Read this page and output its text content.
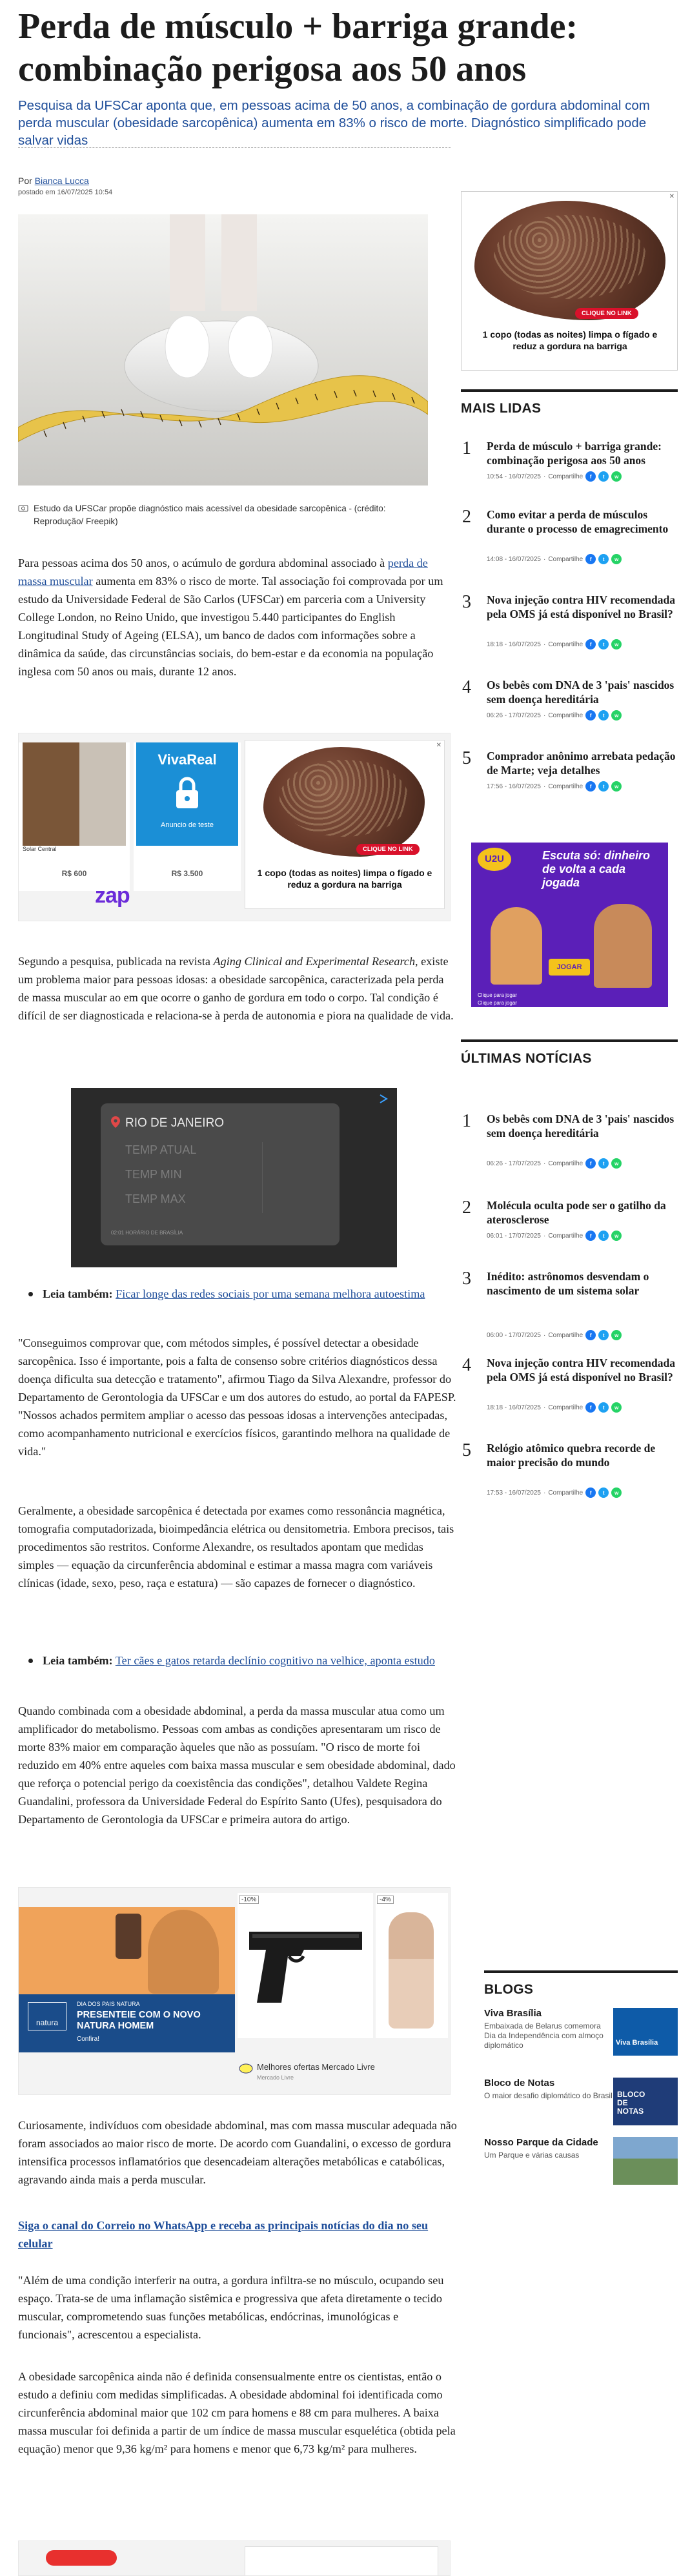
Perda de músculo + barriga grande: combinação perigosa aos 50 anos

Pesquisa da UFSCar aponta que, em pessoas acima de 50 anos, a combinação de gordura abdominal com perda muscular (obesidade sarcopênica) aumenta em 83% o risco de morte. Diagnóstico simplificado pode salvar vidas

Por Bianca Lucca
postado em 16/07/2025 10:54
Estudo da UFSCar propõe diagnóstico mais acessível da obesidade sarcopênica - (crédito: Reprodução/ Freepik)

Para pessoas acima dos 50 anos, o acúmulo de gordura abdominal associado à perda de massa muscular aumenta em 83% o risco de morte. Tal associação foi comprovada por um estudo da Universidade Federal de São Carlos (UFSCar) em parceria com a University College London, no Reino Unido, que investigou 5.440 participantes do English Longitudinal Study of Ageing (ELSA), um banco de dados com informações sobre a dinâmica da saúde, das circunstâncias sociais, do bem-estar e da economia na população inglesa com 50 anos ou mais, durante 12 anos.

Solar Central
R$ 600
VivaReal
Anuncio de teste
R$ 3.500
zap
CLIQUE NO LINK
1 copo (todas as noites) limpa o fígado e reduz a gordura na barriga
✕

Segundo a pesquisa, publicada na revista Aging Clinical and Experimental Research, existe um problema maior para pessoas idosas: a obesidade sarcopênica, caracterizada pela perda de massa muscular ao em que ocorre o ganho de gordura em todo o corpo. Tal condição é difícil de ser diagnosticada e relaciona-se à perda de autonomia e piora na qualidade de vida.

RIO DE JANEIRO
TEMP ATUAL
TEMP MIN
TEMP MAX
02:01 HORÁRIO DE BRASÍLIA
Leia também: Ficar longe das redes sociais por uma semana melhora autoestima

"Conseguimos comprovar que, com métodos simples, é possível detectar a obesidade sarcopênica. Isso é importante, pois a falta de consenso sobre critérios diagnósticos dessa doença dificulta sua detecção e tratamento", afirmou Tiago da Silva Alexandre, professor do Departamento de Gerontologia da UFSCar e um dos autores do estudo, ao portal da FAPESP. "Nossos achados permitem ampliar o acesso das pessoas idosas a intervenções antecipadas, como acompanhamento nutricional e exercícios físicos, garantindo melhora na qualidade de vida."

Geralmente, a obesidade sarcopênica é detectada por exames como ressonância magnética, tomografia computadorizada, bioimpedância elétrica ou densitometria. Embora precisos, tais procedimentos são restritos. Conforme Alexandre, os resultados apontam que medidas simples — equação da circunferência abdominal e estimar a massa magra com variáveis clínicas (idade, sexo, peso, raça e estatura) — são capazes de fornecer o diagnóstico.

Leia também: Ter cães e gatos retarda declínio cognitivo na velhice, aponta estudo

Quando combinada com a obesidade abdominal, a perda da massa muscular atua como um amplificador do metabolismo. Pessoas com ambas as condições apresentaram um risco de morte 83% maior em comparação àqueles que não as possuíam. "O risco de morte foi reduzido em 40% entre aqueles com baixa massa muscular e sem obesidade abdominal, dado que reforça o potencial perigo da coexistência das condições", detalhou Valdete Regina Guandalini, professora da Universidade Federal do Espírito Santo (Ufes), pesquisadora do Departamento de Gerontologia da UFSCar e primeira autora do artigo.

natura
DIA DOS PAIS NATURA
PRESENTEIE COM O NOVO NATURA HOMEM
Confira!
-10%	-4%
Melhores ofertas Mercado Livre
Mercado Livre

Curiosamente, indivíduos com obesidade abdominal, mas com massa muscular adequada não foram associados ao maior risco de morte. De acordo com Guandalini, o excesso de gordura intensifica processos inflamatórios que desencadeiam alterações metabólicas e catabólicas, agravando ainda mais a perda muscular.

Siga o canal do Correio no WhatsApp e receba as principais notícias do dia no seu celular

"Além de uma condição interferir na outra, a gordura infiltra-se no músculo, ocupando seu espaço. Trata-se de uma inflamação sistêmica e progressiva que afeta diretamente o tecido muscular, comprometendo suas funções metabólicas, endócrinas, imunológicas e funcionais", acrescentou a especialista.

A obesidade sarcopênica ainda não é definida consensualmente entre os cientistas, então o estudo a definiu com medidas simplificadas. A obesidade abdominal foi identificada como circunferência abdominal maior que 102 cm para homens e 88 cm para mulheres. A baixa massa muscular foi definida a partir de um índice de massa muscular esquelética (obtida pela equação) menor que 9,36 kg/m² para homens e menor que 6,73 kg/m² para mulheres.

CLIQUE NO LINK
1 copo (todas as noites) limpa o fígado e reduz a gordura na barriga
✕
MAIS LIDAS
1 Perda de músculo + barriga grande: combinação perigosa aos 50 anos
10:54 - 16/07/2025 · Compartilhe	f	t	w
2 Como evitar a perda de músculos durante o processo de emagrecimento
14:08 - 16/07/2025 · Compartilhe	f	t	w
3 Nova injeção contra HIV recomendada pela OMS já está disponível no Brasil?
18:18 - 16/07/2025 · Compartilhe	f	t	w
4 Os bebês com DNA de 3 'pais' nascidos sem doença hereditária
06:26 - 17/07/2025 · Compartilhe	f	t	w
5 Comprador anônimo arrebata pedação de Marte; veja detalhes
17:56 - 16/07/2025 · Compartilhe	f	t	w
U2U	Escuta só: dinheiro de volta a cada jogada
JOGAR
Clique para jogar
Clique para jogar
ÚLTIMAS NOTÍCIAS
1 Os bebês com DNA de 3 'pais' nascidos sem doença hereditária
06:26 - 17/07/2025 · Compartilhe	f	t	w
2 Molécula oculta pode ser o gatilho da aterosclerose
06:01 - 17/07/2025 · Compartilhe	f	t	w
3 Inédito: astrônomos desvendam o nascimento de um sistema solar
06:00 - 17/07/2025 · Compartilhe	f	t	w
4 Nova injeção contra HIV recomendada pela OMS já está disponível no Brasil?
18:18 - 16/07/2025 · Compartilhe	f	t	w
5 Relógio atômico quebra recorde de maior precisão do mundo
17:53 - 16/07/2025 · Compartilhe	f	t	w
BLOGS
Viva Brasília
Embaixada de Belarus comemora Dia da Independência com almoço diplomático	Viva Brasília
Bloco de Notas
O maior desafio diplomático do Brasil BLOCO DE NOTAS
Nosso Parque da Cidade
Um Parque e várias causas
